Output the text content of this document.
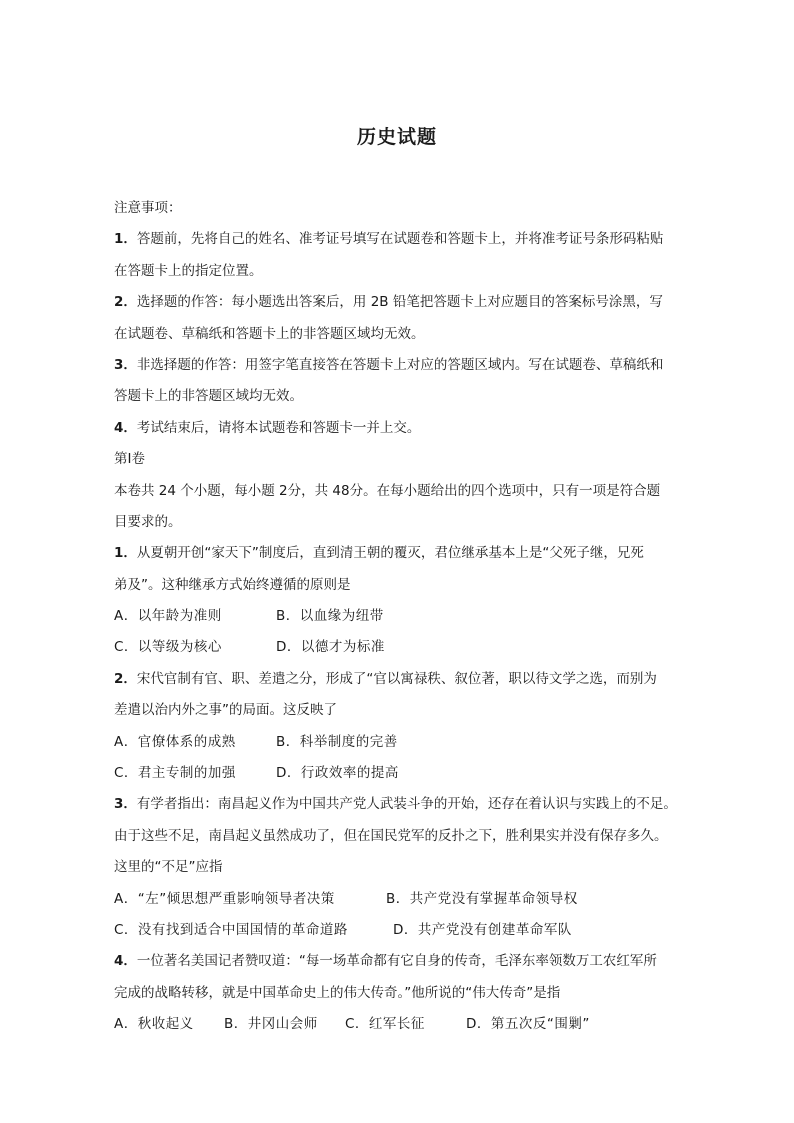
历史试题
注意事项：
1．答题前，先将自己的姓名、准考证号填写在试题卷和答题卡上，并将准考证号条形码粘贴
在答题卡上的指定位置。
2．选择题的作答：每小题选出答案后，用 2B 铅笔把答题卡上对应题目的答案标号涂黑，写
在试题卷、草稿纸和答题卡上的非答题区域均无效。
3．非选择题的作答：用签字笔直接答在答题卡上对应的答题区域内。写在试题卷、草稿纸和
答题卡上的非答题区域均无效。
4．考试结束后，请将本试题卷和答题卡一并上交。
第Ⅰ卷
本卷共 24 个小题，每小题 2分，共 48分。在每小题给出的四个选项中，只有一项是符合题
目要求的。
1．从夏朝开创“家天下”制度后，直到清王朝的覆灭，君位继承基本上是“父死子继，兄死
弟及”。这种继承方式始终遵循的原则是
A．以年龄为准则	B．以血缘为纽带
C．以等级为核心	D．以德才为标准
2．宋代官制有官、职、差遣之分，形成了“官以寓禄秩、叙位著，职以待文学之选，而别为
差遣以治内外之事”的局面。这反映了
A．官僚体系的成熟	B．科举制度的完善
C．君主专制的加强	D．行政效率的提高
3．有学者指出：南昌起义作为中国共产党人武装斗争的开始，还存在着认识与实践上的不足。
由于这些不足，南昌起义虽然成功了，但在国民党军的反扑之下，胜利果实并没有保存多久。
这里的“不足”应指
A．“左”倾思想严重影响领导者决策	B．共产党没有掌握革命领导权
C．没有找到适合中国国情的革命道路	D．共产党没有创建革命军队
4．一位著名美国记者赞叹道：“每一场革命都有它自身的传奇，毛泽东率领数万工农红军所
完成的战略转移，就是中国革命史上的伟大传奇。”他所说的“伟大传奇”是指
A．秋收起义 B．井冈山会师 C．红军长征	D．第五次反“围剿”
